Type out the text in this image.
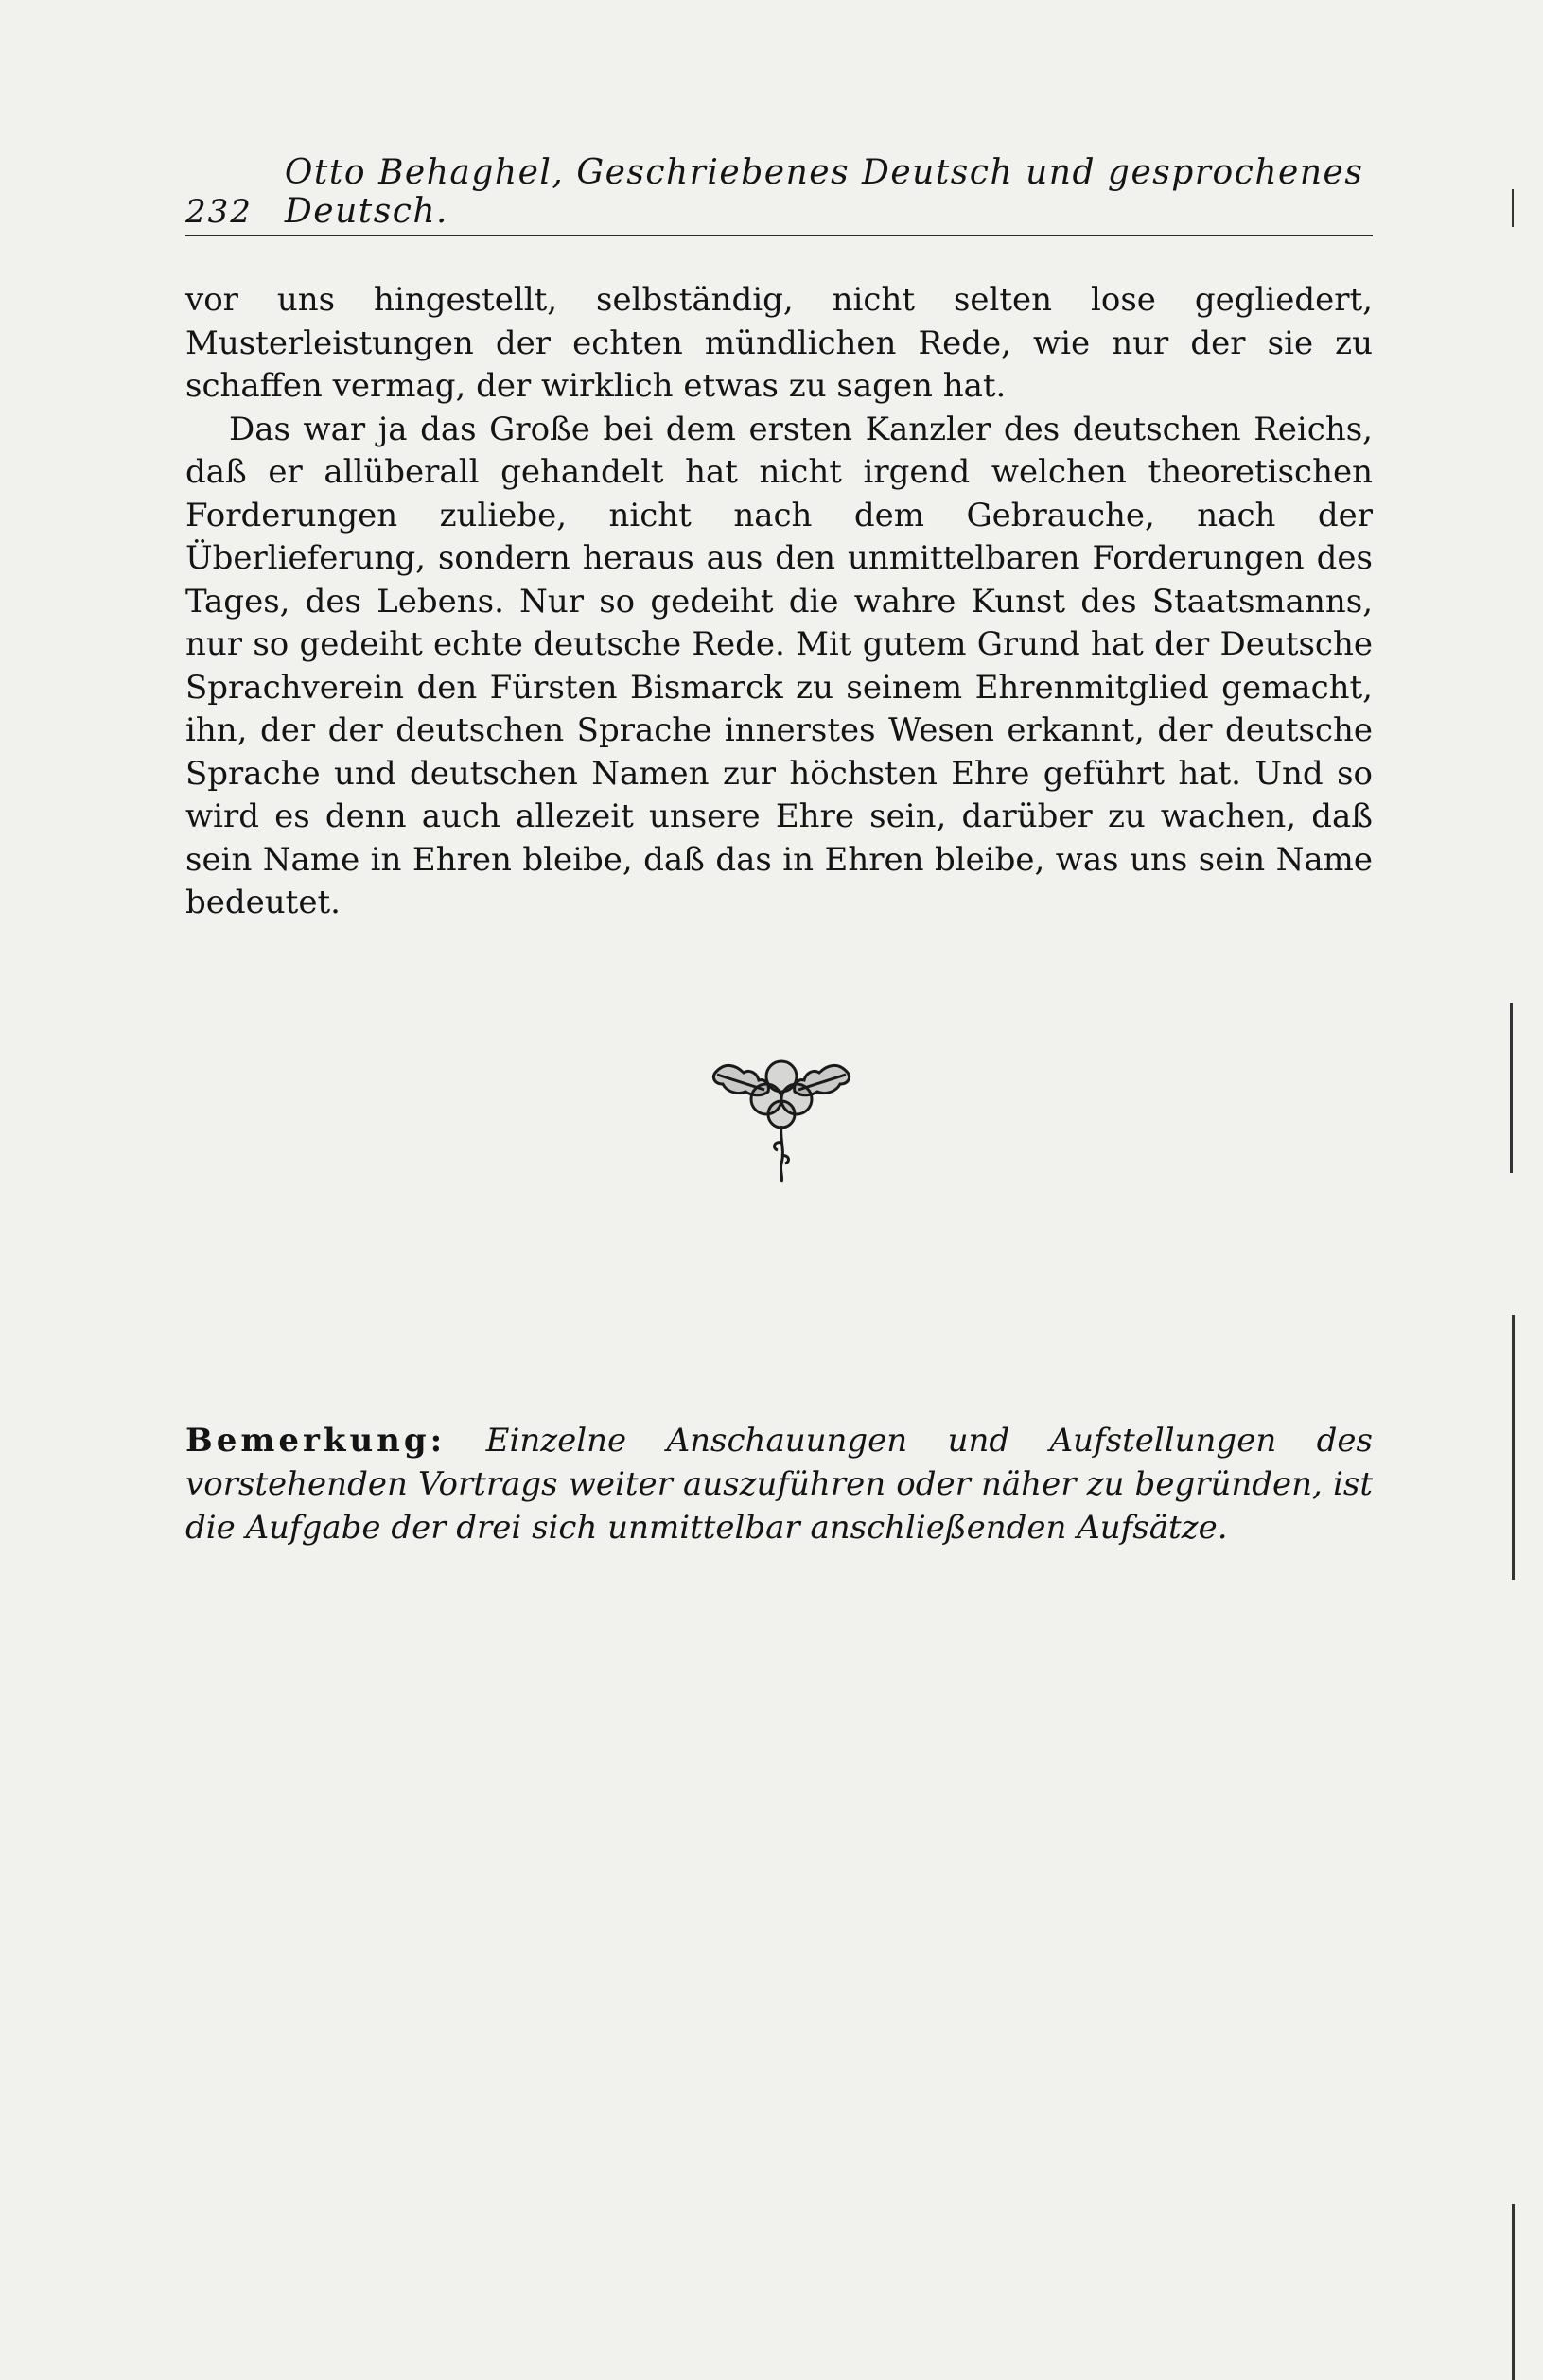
232
Otto Behaghel, Geschriebenes Deutsch und gesprochenes Deutsch.

vor uns hingestellt, selbständig, nicht selten lose gegliedert, Musterleistungen der echten mündlichen Rede, wie nur der sie zu schaffen vermag, der wirklich etwas zu sagen hat.

Das war ja das Große bei dem ersten Kanzler des deutschen Reichs, daß er allüberall gehandelt hat nicht irgend welchen theoretischen Forderungen zuliebe, nicht nach dem Gebrauche, nach der Überlieferung, sondern heraus aus den unmittelbaren Forderungen des Tages, des Lebens. Nur so gedeiht die wahre Kunst des Staatsmanns, nur so gedeiht echte deutsche Rede. Mit gutem Grund hat der Deutsche Sprachverein den Fürsten Bismarck zu seinem Ehrenmitglied gemacht, ihn, der der deutschen Sprache innerstes Wesen erkannt, der deutsche Sprache und deutschen Namen zur höchsten Ehre geführt hat. Und so wird es denn auch allezeit unsere Ehre sein, darüber zu wachen, daß sein Name in Ehren bleibe, daß das in Ehren bleibe, was uns sein Name bedeutet.

Bemerkung: Einzelne Anschauungen und Aufstellungen des vorstehenden Vortrags weiter auszuführen oder näher zu begründen, ist die Aufgabe der drei sich unmittelbar anschließenden Aufsätze.
